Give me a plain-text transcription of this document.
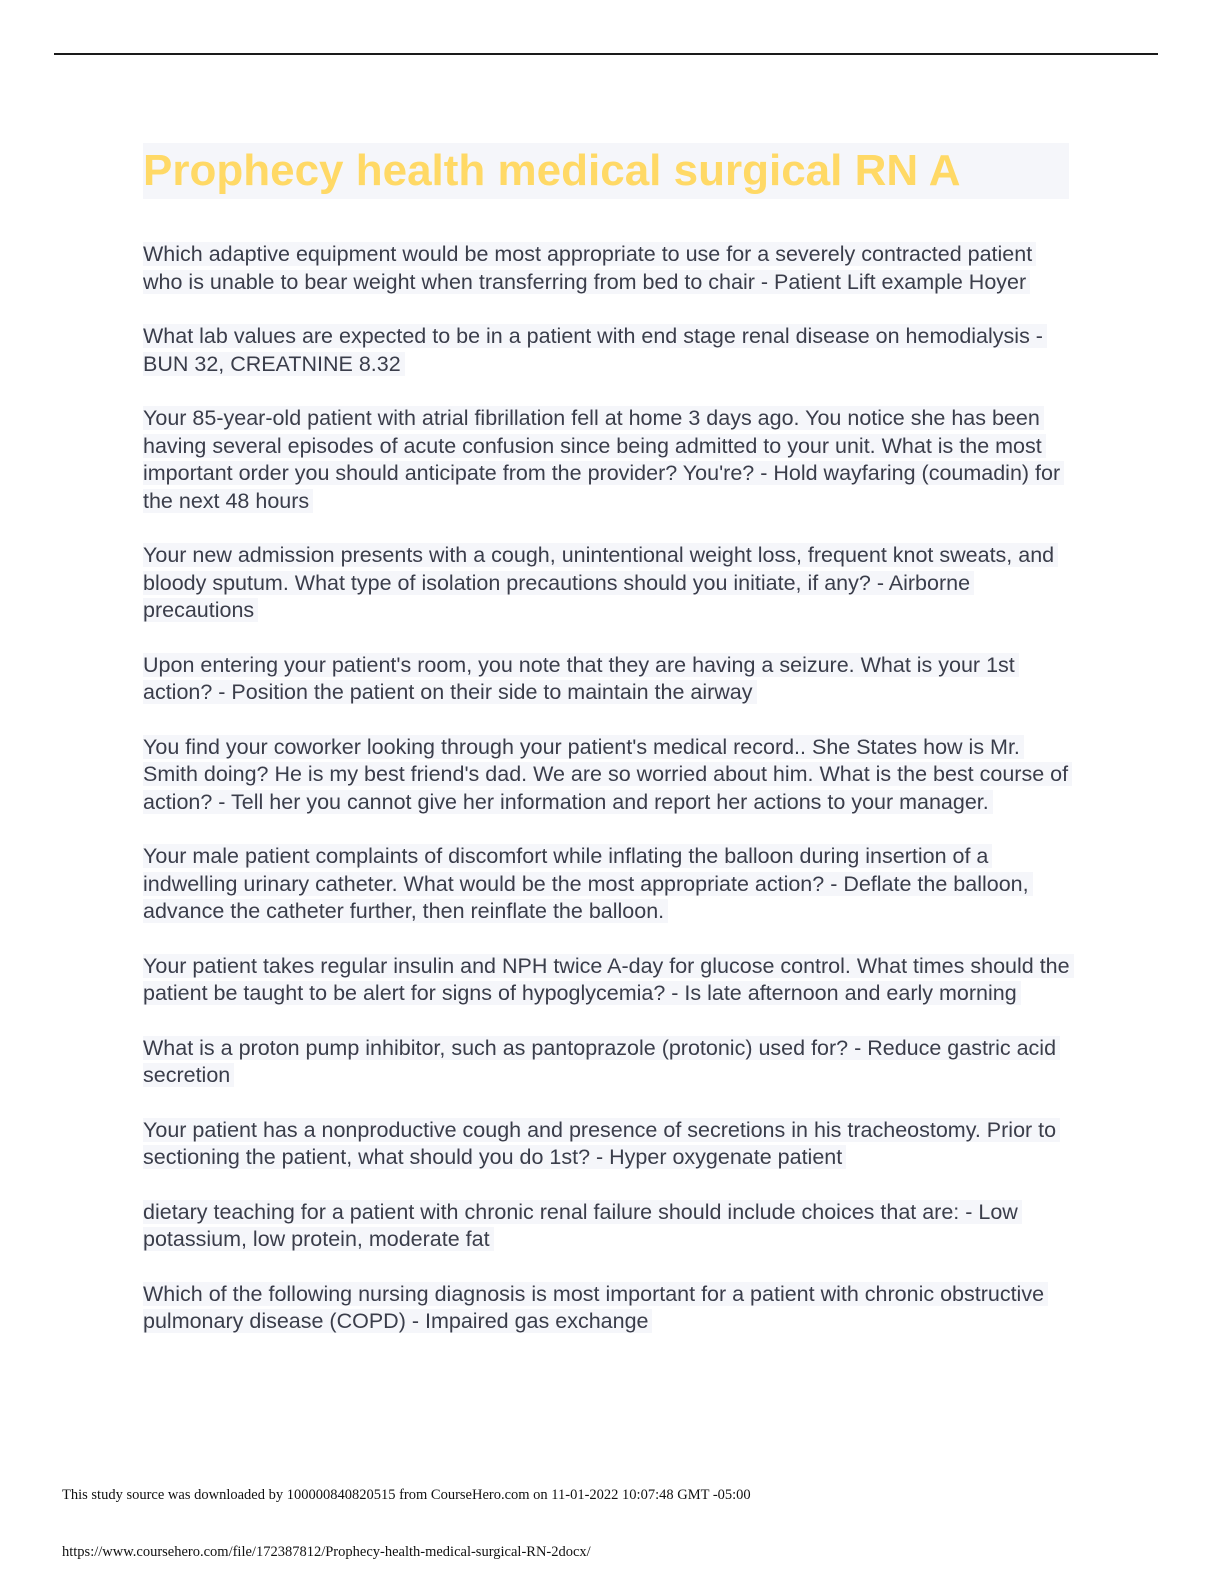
Prophecy health medical surgical RN A

Which adaptive equipment would be most appropriate to use for a severely contracted patient who is unable to bear weight when transferring from bed to chair - Patient Lift example Hoyer

What lab values are expected to be in a patient with end stage renal disease on hemodialysis - BUN 32, CREATNINE 8.32

Your 85-year-old patient with atrial fibrillation fell at home 3 days ago. You notice she has been having several episodes of acute confusion since being admitted to your unit. What is the most important order you should anticipate from the provider? You're? - Hold wayfaring (coumadin) for the next 48 hours

Your new admission presents with a cough, unintentional weight loss, frequent knot sweats, and bloody sputum. What type of isolation precautions should you initiate, if any? - Airborne precautions

Upon entering your patient's room, you note that they are having a seizure. What is your 1st action? - Position the patient on their side to maintain the airway

You find your coworker looking through your patient's medical record.. She States how is Mr. Smith doing? He is my best friend's dad. We are so worried about him. What is the best course of action? - Tell her you cannot give her information and report her actions to your manager.

Your male patient complaints of discomfort while inflating the balloon during insertion of a indwelling urinary catheter. What would be the most appropriate action? - Deflate the balloon, advance the catheter further, then reinflate the balloon.

Your patient takes regular insulin and NPH twice A-day for glucose control. What times should the patient be taught to be alert for signs of hypoglycemia? - Is late afternoon and early morning

What is a proton pump inhibitor, such as pantoprazole (protonic) used for? - Reduce gastric acid secretion

Your patient has a nonproductive cough and presence of secretions in his tracheostomy. Prior to sectioning the patient, what should you do 1st? - Hyper oxygenate patient

dietary teaching for a patient with chronic renal failure should include choices that are: - Low potassium, low protein, moderate fat

Which of the following nursing diagnosis is most important for a patient with chronic obstructive pulmonary disease (COPD) - Impaired gas exchange

This study source was downloaded by 100000840820515 from CourseHero.com on 11-01-2022 10:07:48 GMT -05:00
https://www.coursehero.com/file/172387812/Prophecy-health-medical-surgical-RN-2docx/
